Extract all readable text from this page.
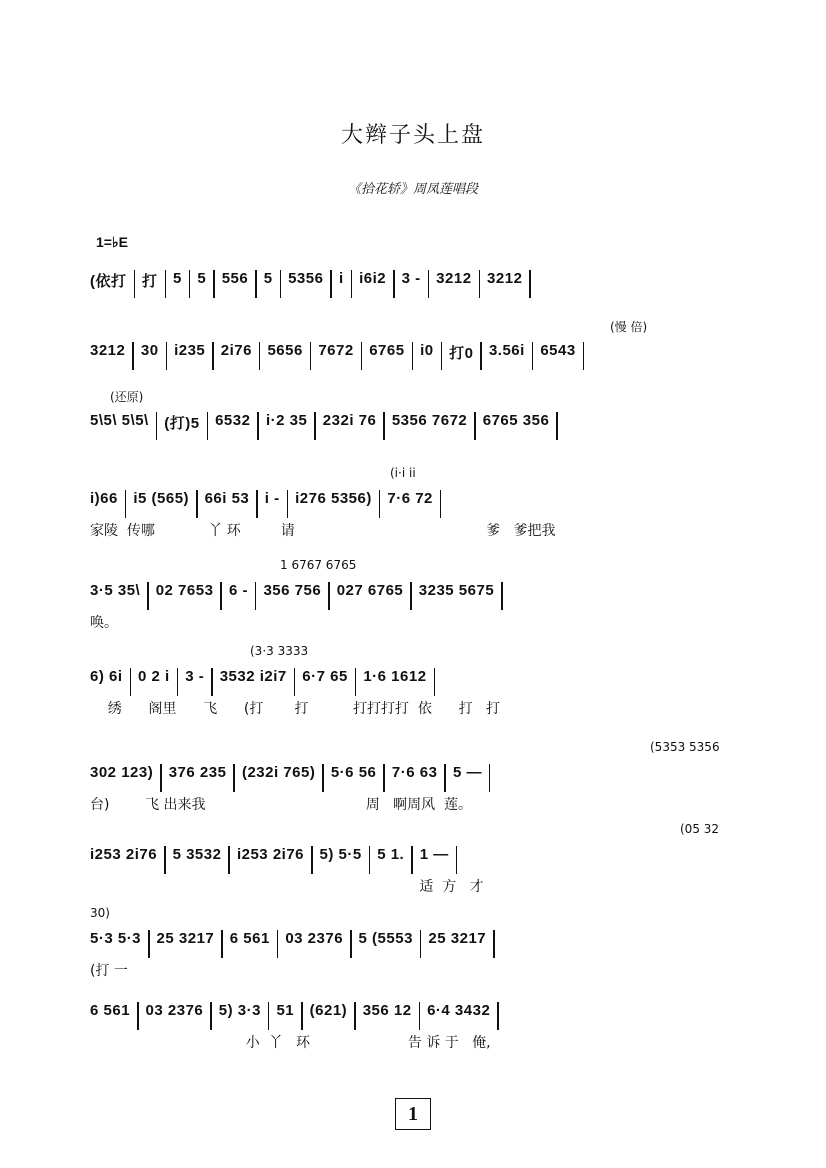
大辫子头上盘
《拾花轿》周凤莲唱段
1=♭E
(依打 打 5 5 556 5 5356 i i6i2 3 - 3212 3212
(慢 倍)
3212 30 i235 2i76 5656 7672 6765 i0 打0 3.56i 6543
(还原)
5\5\ 5\5\ (打)5 6532 i·2 35 232i 76 5356 7672 6765 356
(i·i ii
i)66 i5 (565) 66i 53 i - i276 5356) 7·6 72
家陵  传哪            丫 环         请                                           爹   爹把我
1 6767 6765
3·5 35\ 02 7653 6 - 356 756 027 6765 3235 5675
唤。
(3·3 3333
6) 6i 0 2 i 3 - 3532 i2i7 6·7 65 1·6 1612
绣      阁里      飞      (打       打          打打打打  依      打   打
(5353 5356
302 123) 376 235 (232i 765) 5·6 56 7·6 63 5 —
台)        飞 出来我                                    周   啊周风  莲。
(05 32
i253 2i76 5 3532 i253 2i76 5) 5·5 5 1. 1 —
适  方   才
30)
5·3 5·3 25 3217 6 561 03 2376 5 (5553 25 3217
(打 一
6 561 03 2376 5) 3·3 51 (621) 356 12 6·4 3432
小  丫   环                      告 诉 于   俺,
1
